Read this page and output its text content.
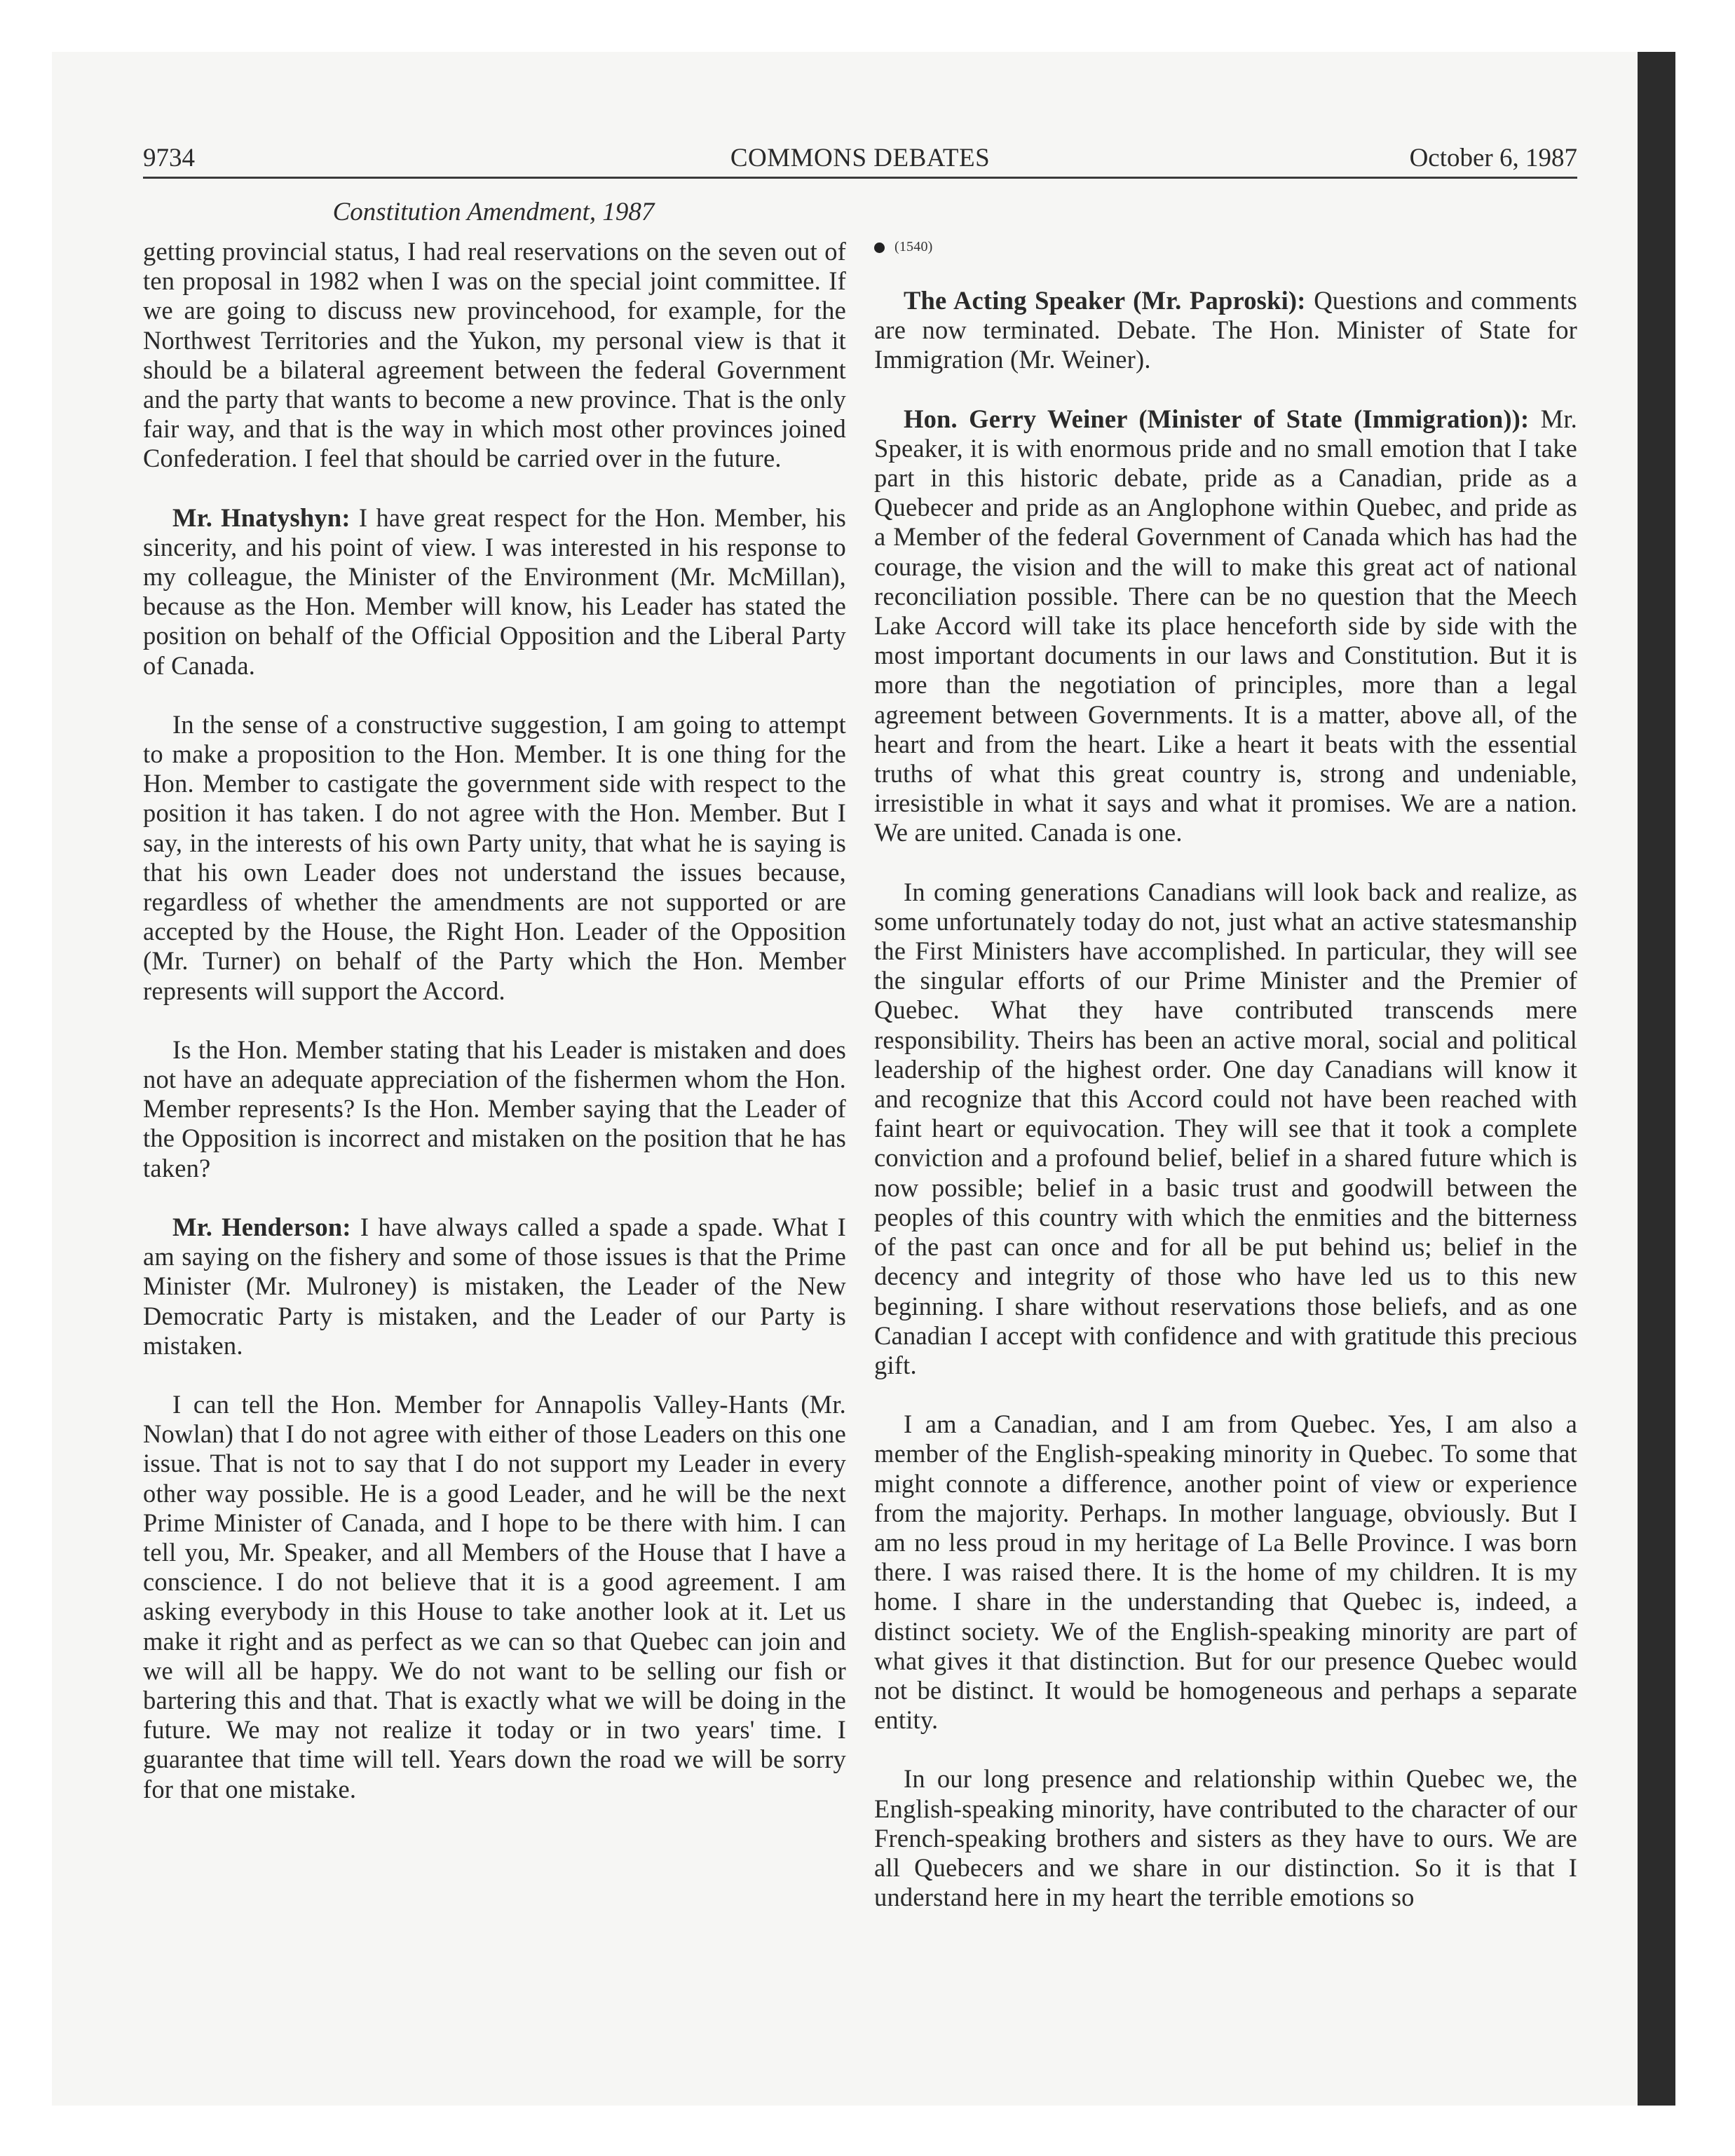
9734	COMMONS DEBATES	October 6, 1987
Constitution Amendment, 1987

getting provincial status, I had real reservations on the seven out of ten proposal in 1982 when I was on the special joint committee. If we are going to discuss new provincehood, for example, for the Northwest Territories and the Yukon, my personal view is that it should be a bilateral agreement between the federal Government and the party that wants to become a new province. That is the only fair way, and that is the way in which most other provinces joined Confederation. I feel that should be carried over in the future.

Mr. Hnatyshyn: I have great respect for the Hon. Member, his sincerity, and his point of view. I was interested in his response to my colleague, the Minister of the Environment (Mr. McMillan), because as the Hon. Member will know, his Leader has stated the position on behalf of the Official Opposition and the Liberal Party of Canada.

In the sense of a constructive suggestion, I am going to attempt to make a proposition to the Hon. Member. It is one thing for the Hon. Member to castigate the government side with respect to the position it has taken. I do not agree with the Hon. Member. But I say, in the interests of his own Party unity, that what he is saying is that his own Leader does not understand the issues because, regardless of whether the amendments are not supported or are accepted by the House, the Right Hon. Leader of the Opposition (Mr. Turner) on behalf of the Party which the Hon. Member represents will support the Accord.

Is the Hon. Member stating that his Leader is mistaken and does not have an adequate appreciation of the fishermen whom the Hon. Member represents? Is the Hon. Member saying that the Leader of the Opposition is incorrect and mistaken on the position that he has taken?

Mr. Henderson: I have always called a spade a spade. What I am saying on the fishery and some of those issues is that the Prime Minister (Mr. Mulroney) is mistaken, the Leader of the New Democratic Party is mistaken, and the Leader of our Party is mistaken.

I can tell the Hon. Member for Annapolis Valley-Hants (Mr. Nowlan) that I do not agree with either of those Leaders on this one issue. That is not to say that I do not support my Leader in every other way possible. He is a good Leader, and he will be the next Prime Minister of Canada, and I hope to be there with him. I can tell you, Mr. Speaker, and all Members of the House that I have a conscience. I do not believe that it is a good agreement. I am asking everybody in this House to take another look at it. Let us make it right and as perfect as we can so that Quebec can join and we will all be happy. We do not want to be selling our fish or bartering this and that. That is exactly what we will be doing in the future. We may not realize it today or in two years' time. I guarantee that time will tell. Years down the road we will be sorry for that one mistake.

(1540)

The Acting Speaker (Mr. Paproski): Questions and comments are now terminated. Debate. The Hon. Minister of State for Immigration (Mr. Weiner).

Hon. Gerry Weiner (Minister of State (Immigration)): Mr. Speaker, it is with enormous pride and no small emotion that I take part in this historic debate, pride as a Canadian, pride as a Quebecer and pride as an Anglophone within Quebec, and pride as a Member of the federal Government of Canada which has had the courage, the vision and the will to make this great act of national reconciliation possible. There can be no question that the Meech Lake Accord will take its place henceforth side by side with the most important documents in our laws and Constitution. But it is more than the negotiation of principles, more than a legal agreement between Governments. It is a matter, above all, of the heart and from the heart. Like a heart it beats with the essential truths of what this great country is, strong and undeniable, irresistible in what it says and what it promises. We are a nation. We are united. Canada is one.

In coming generations Canadians will look back and realize, as some unfortunately today do not, just what an active statesmanship the First Ministers have accomplished. In particular, they will see the singular efforts of our Prime Minister and the Premier of Quebec. What they have contributed transcends mere responsibility. Theirs has been an active moral, social and political leadership of the highest order. One day Canadians will know it and recognize that this Accord could not have been reached with faint heart or equivocation. They will see that it took a complete conviction and a profound belief, belief in a shared future which is now possible; belief in a basic trust and goodwill between the peoples of this country with which the enmities and the bitterness of the past can once and for all be put behind us; belief in the decency and integrity of those who have led us to this new beginning. I share without reservations those beliefs, and as one Canadian I accept with confidence and with gratitude this precious gift.

I am a Canadian, and I am from Quebec. Yes, I am also a member of the English-speaking minority in Quebec. To some that might connote a difference, another point of view or experience from the majority. Perhaps. In mother language, obviously. But I am no less proud in my heritage of La Belle Province. I was born there. I was raised there. It is the home of my children. It is my home. I share in the understanding that Quebec is, indeed, a distinct society. We of the English-speaking minority are part of what gives it that distinction. But for our presence Quebec would not be distinct. It would be homogeneous and perhaps a separate entity.

In our long presence and relationship within Quebec we, the English-speaking minority, have contributed to the character of our French-speaking brothers and sisters as they have to ours. We are all Quebecers and we share in our distinction. So it is that I understand here in my heart the terrible emotions so
